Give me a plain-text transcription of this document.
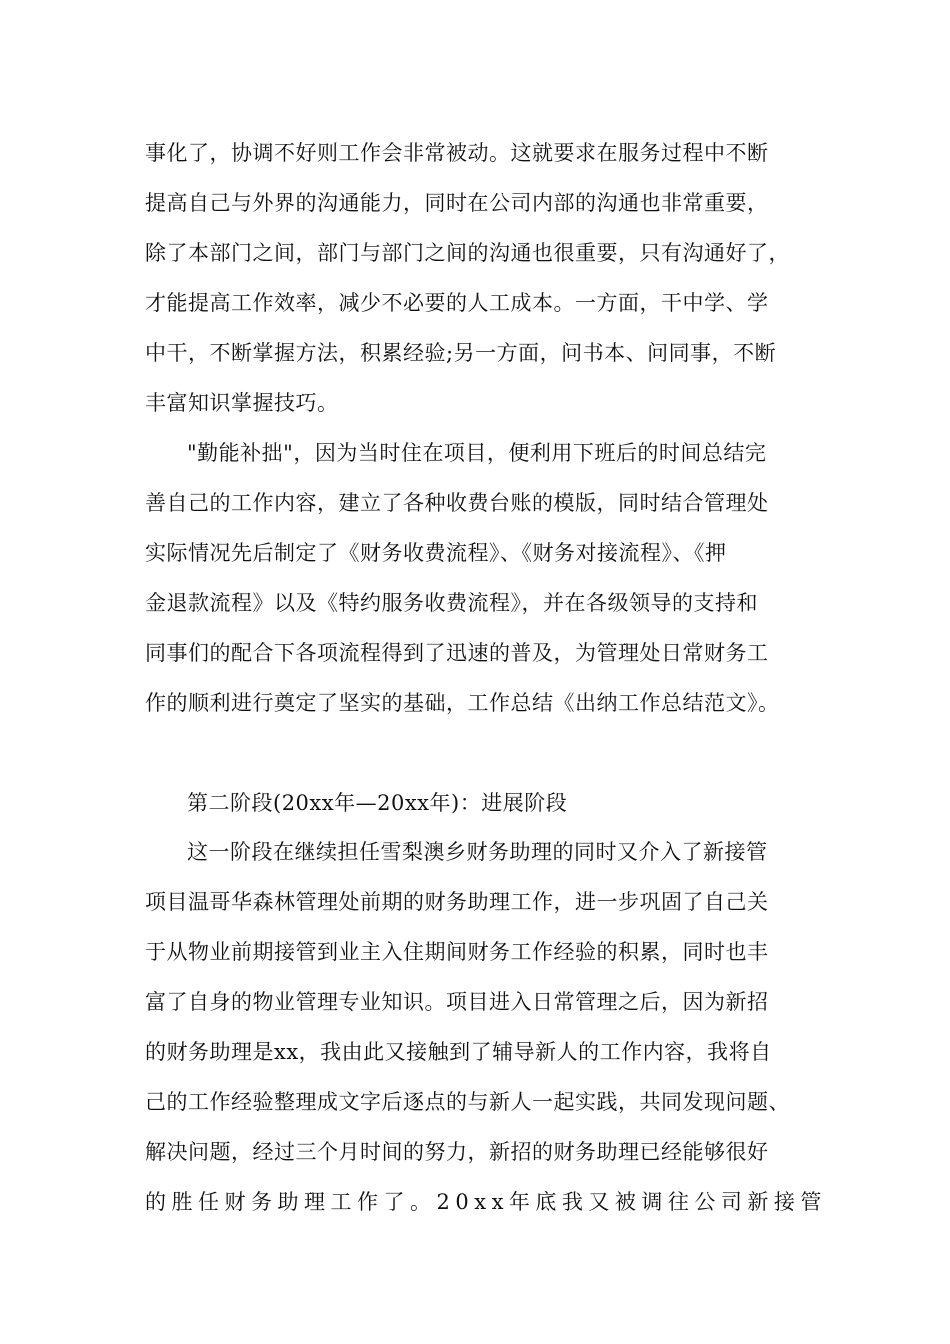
事化了，协调不好则工作会非常被动。这就要求在服务过程中不断
提高自己与外界的沟通能力，同时在公司内部的沟通也非常重要，
除了本部门之间，部门与部门之间的沟通也很重要，只有沟通好了，
才能提高工作效率，减少不必要的人工成本。一方面，干中学、学
中干，不断掌握方法，积累经验;另一方面，问书本、问同事，不断
丰富知识掌握技巧。
"勤能补拙"，因为当时住在项目，便利用下班后的时间总结完
善自己的工作内容，建立了各种收费台账的模版，同时结合管理处
实际情况先后制定了《财务收费流程》、《财务对接流程》、《押
金退款流程》以及《特约服务收费流程》，并在各级领导的支持和
同事们的配合下各项流程得到了迅速的普及，为管理处日常财务工
作的顺利进行奠定了坚实的基础，工作总结《出纳工作总结范文》。
第二阶段(20xx年—20xx年)：进展阶段
这一阶段在继续担任雪梨澳乡财务助理的同时又介入了新接管
项目温哥华森林管理处前期的财务助理工作，进一步巩固了自己关
于从物业前期接管到业主入住期间财务工作经验的积累，同时也丰
富了自身的物业管理专业知识。项目进入日常管理之后，因为新招
的财务助理是xx，我由此又接触到了辅导新人的工作内容，我将自
己的工作经验整理成文字后逐点的与新人一起实践，共同发现问题、
解决问题，经过三个月时间的努力，新招的财务助理已经能够很好
的胜任财务助理工作了。20xx年底我又被调往公司新接管
